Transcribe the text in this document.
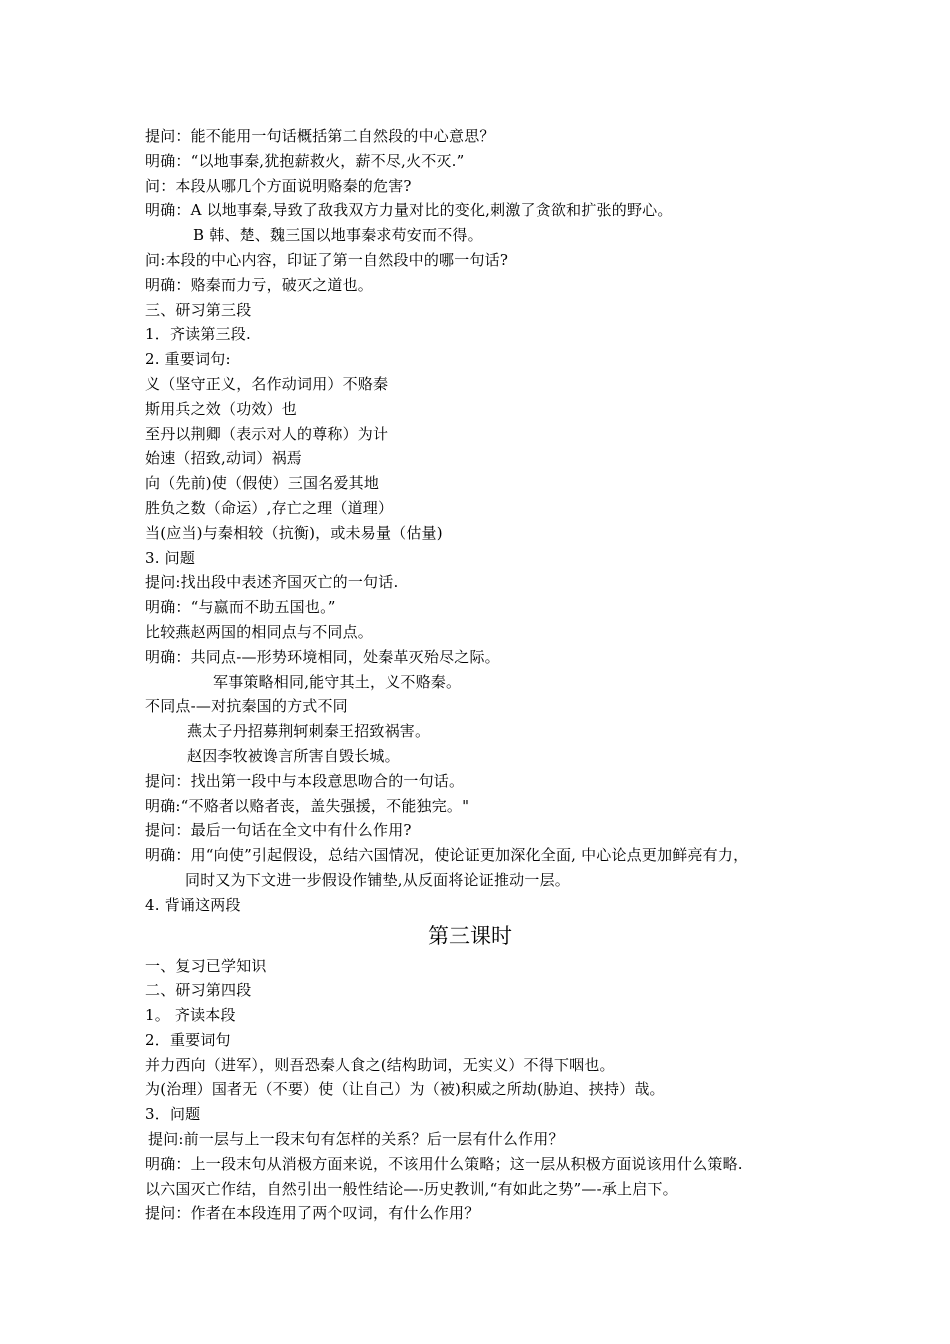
提问：能不能用一句话概括第二自然段的中心意思？
明确：“以地事秦,犹抱薪救火，薪不尽,火不灭.”
问：本段从哪几个方面说明赂秦的危害?
明确：A 以地事秦,导致了敌我双方力量对比的变化,刺激了贪欲和扩张的野心。
B 韩、楚、魏三国以地事秦求苟安而不得。
问:本段的中心内容，印证了第一自然段中的哪一句话?
明确：赂秦而力亏，破灭之道也。
三、研习第三段
1．齐读第三段.
2. 重要词句:
义（坚守正义，名作动词用）不赂秦
斯用兵之效（功效）也
至丹以荆卿（表示对人的尊称）为计
始速（招致,动词）祸焉
向（先前)使（假使）三国名爱其地
胜负之数（命运）,存亡之理（道理）
当(应当)与秦相较（抗衡)，或未易量（估量)
3. 问题
提问:找出段中表述齐国灭亡的一句话.
明确：“与嬴而不助五国也。”
比较燕赵两国的相同点与不同点。
明确：共同点-—形势环境相同，处秦革灭殆尽之际。
军事策略相同,能守其土，义不赂秦。
不同点-—对抗秦国的方式不同
燕太子丹招募荆轲刺秦王招致祸害。
赵因李牧被谗言所害自毁长城。
提问：找出第一段中与本段意思吻合的一句话。
明确:“不赂者以赂者丧，盖失强援，不能独完。"
提问：最后一句话在全文中有什么作用?
明确：用“向使”引起假设，总结六国情况，使论证更加深化全面, 中心论点更加鲜亮有力，
同时又为下文进一步假设作铺垫,从反面将论证推动一层。
4. 背诵这两段
第三课时
一、复习已学知识
二、研习第四段
1。 齐读本段
2．重要词句
并力西向（进军），则吾恐秦人食之(结构助词，无实义）不得下咽也。
为(治理）国者无（不要）使（让自己）为（被)积威之所劫(胁迫、挟持）哉。
3．问题
提问:前一层与上一段末句有怎样的关系？后一层有什么作用？
明确：上一段末句从消极方面来说，不该用什么策略；这一层从积极方面说该用什么策略.
以六国灭亡作结，自然引出一般性结论—-历史教训,“有如此之势”—-承上启下。
提问：作者在本段连用了两个叹词，有什么作用？
